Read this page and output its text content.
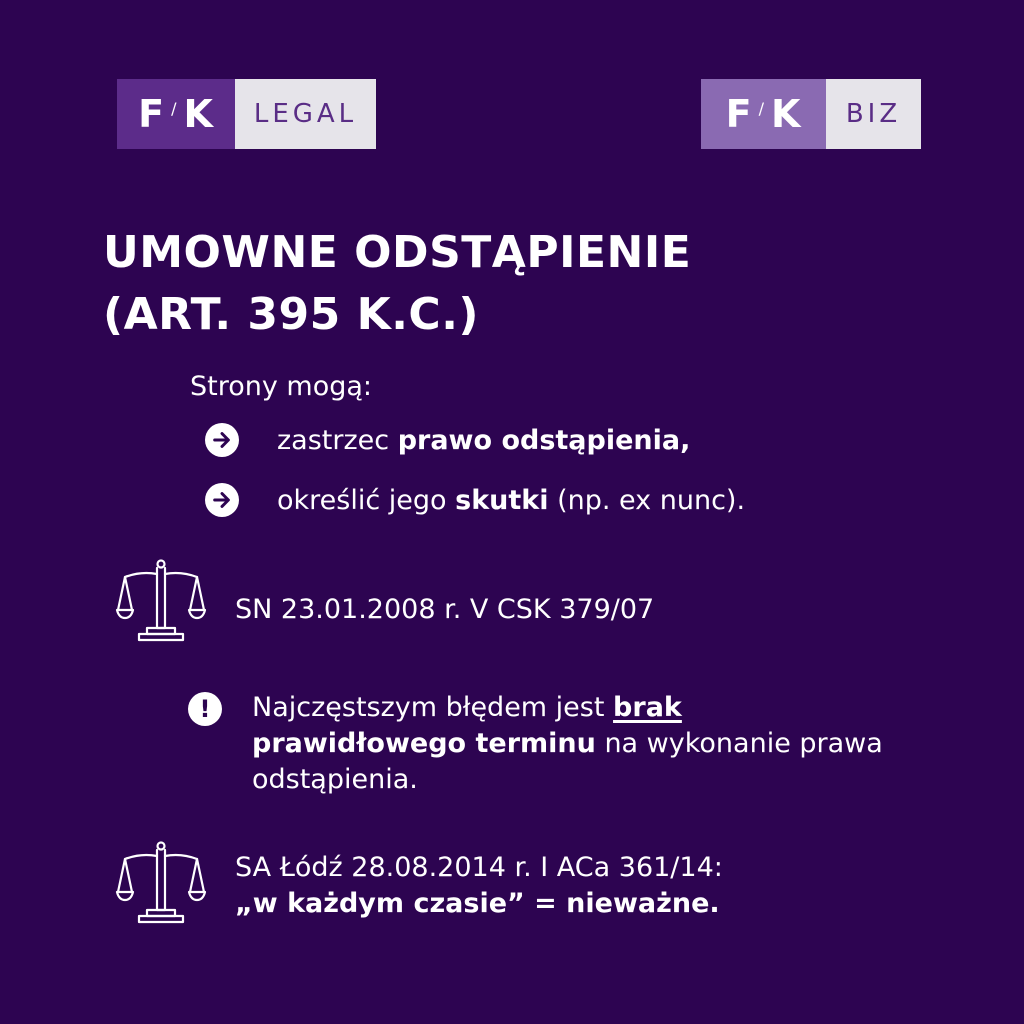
F / K	LEGAL	F / K	BIZ
UMOWNE ODSTĄPIENIE
(ART. 395 K.C.)
Strony mogą:
zastrzec prawo odstąpienia,
określić jego skutki (np. ex nunc).
SN 23.01.2008 r. V CSK 379/07
!	Najczęstszym błędem jest brak
prawidłowego terminu na wykonanie prawa odstąpienia.
SA Łódź 28.08.2014 r. I ACa 361/14:
„w każdym czasie” = nieważne.
